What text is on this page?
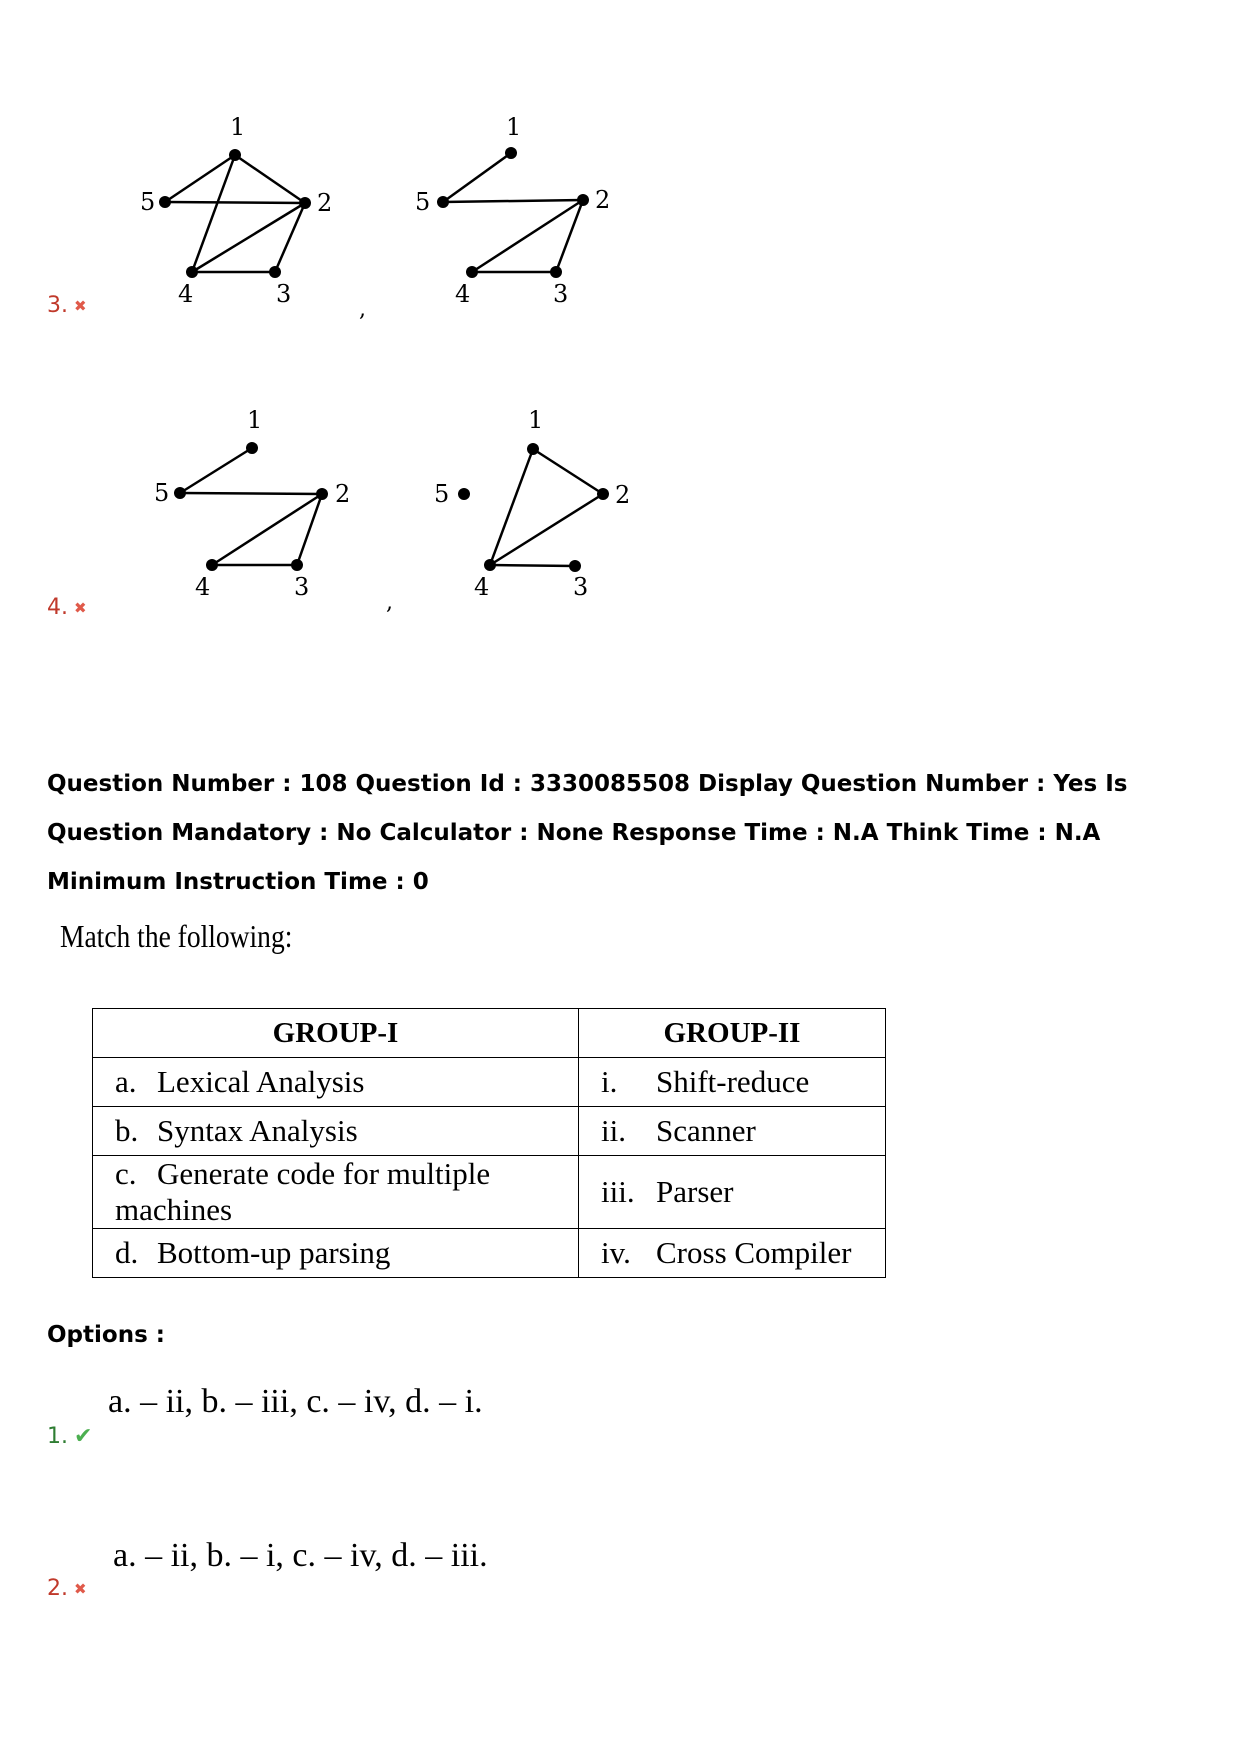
1
5	2
4	3
,
1
5	2
4	3
3. ✖
1
5	2
4	3
,
1
5	2
4	3
4. ✖
Question Number : 108 Question Id : 3330085508 Display Question Number : Yes Is Question Mandatory : No Calculator : None Response Time : N.A Think Time : N.A Minimum Instruction Time : 0
Match the following:
GROUP-I	GROUP-II
a. Lexical Analysis	i. Shift-reduce
b. Syntax Analysis	ii. Scanner
c. Generate code for multiple machines	iii. Parser
d. Bottom-up parsing	iv. Cross Compiler
Options :
a. – ii, b. – iii, c. – iv, d. – i.
1. ✔
a. – ii, b. – i, c. – iv, d. – iii.
2. ✖
